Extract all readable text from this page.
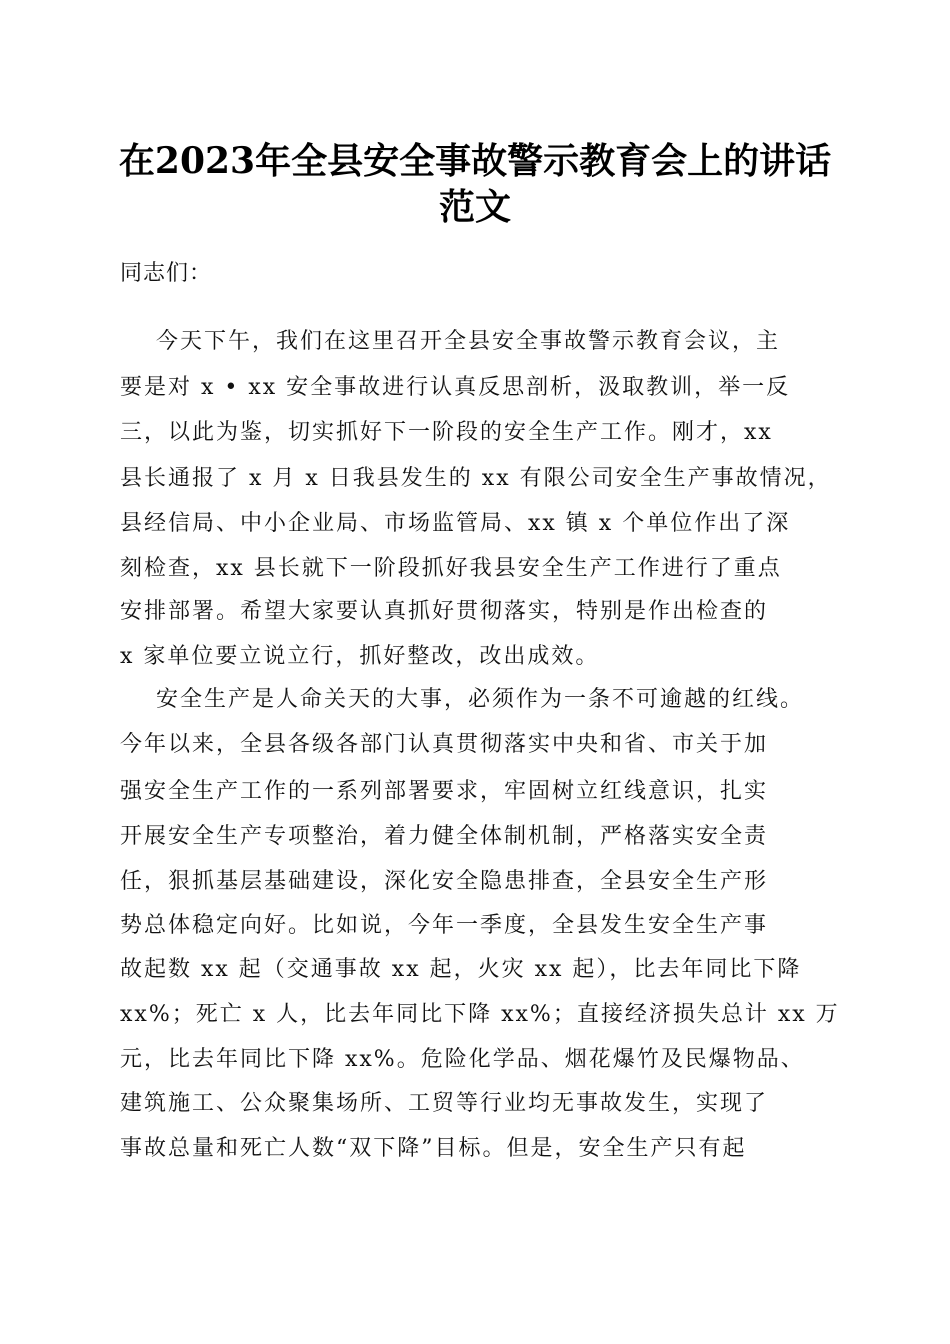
在2023年全县安全事故警示教育会上的讲话
范文
同志们：
今天下午，我们在这里召开全县安全事故警示教育会议，主
要是对 x • xx 安全事故进行认真反思剖析，汲取教训，举一反
三，以此为鉴，切实抓好下一阶段的安全生产工作。刚才，xx
县长通报了 x 月 x 日我县发生的 xx 有限公司安全生产事故情况，
县经信局、中小企业局、市场监管局、xx 镇 x 个单位作出了深
刻检查，xx 县长就下一阶段抓好我县安全生产工作进行了重点
安排部署。希望大家要认真抓好贯彻落实，特别是作出检查的
x 家单位要立说立行，抓好整改，改出成效。
安全生产是人命关天的大事，必须作为一条不可逾越的红线。
今年以来，全县各级各部门认真贯彻落实中央和省、市关于加
强安全生产工作的一系列部署要求，牢固树立红线意识，扎实
开展安全生产专项整治，着力健全体制机制，严格落实安全责
任，狠抓基层基础建设，深化安全隐患排查，全县安全生产形
势总体稳定向好。比如说，今年一季度，全县发生安全生产事
故起数 xx 起（交通事故 xx 起，火灾 xx 起），比去年同比下降
xx%；死亡 x 人，比去年同比下降 xx%；直接经济损失总计 xx 万
元，比去年同比下降 xx%。危险化学品、烟花爆竹及民爆物品、
建筑施工、公众聚集场所、工贸等行业均无事故发生，实现了
事故总量和死亡人数“双下降”目标。但是，安全生产只有起
